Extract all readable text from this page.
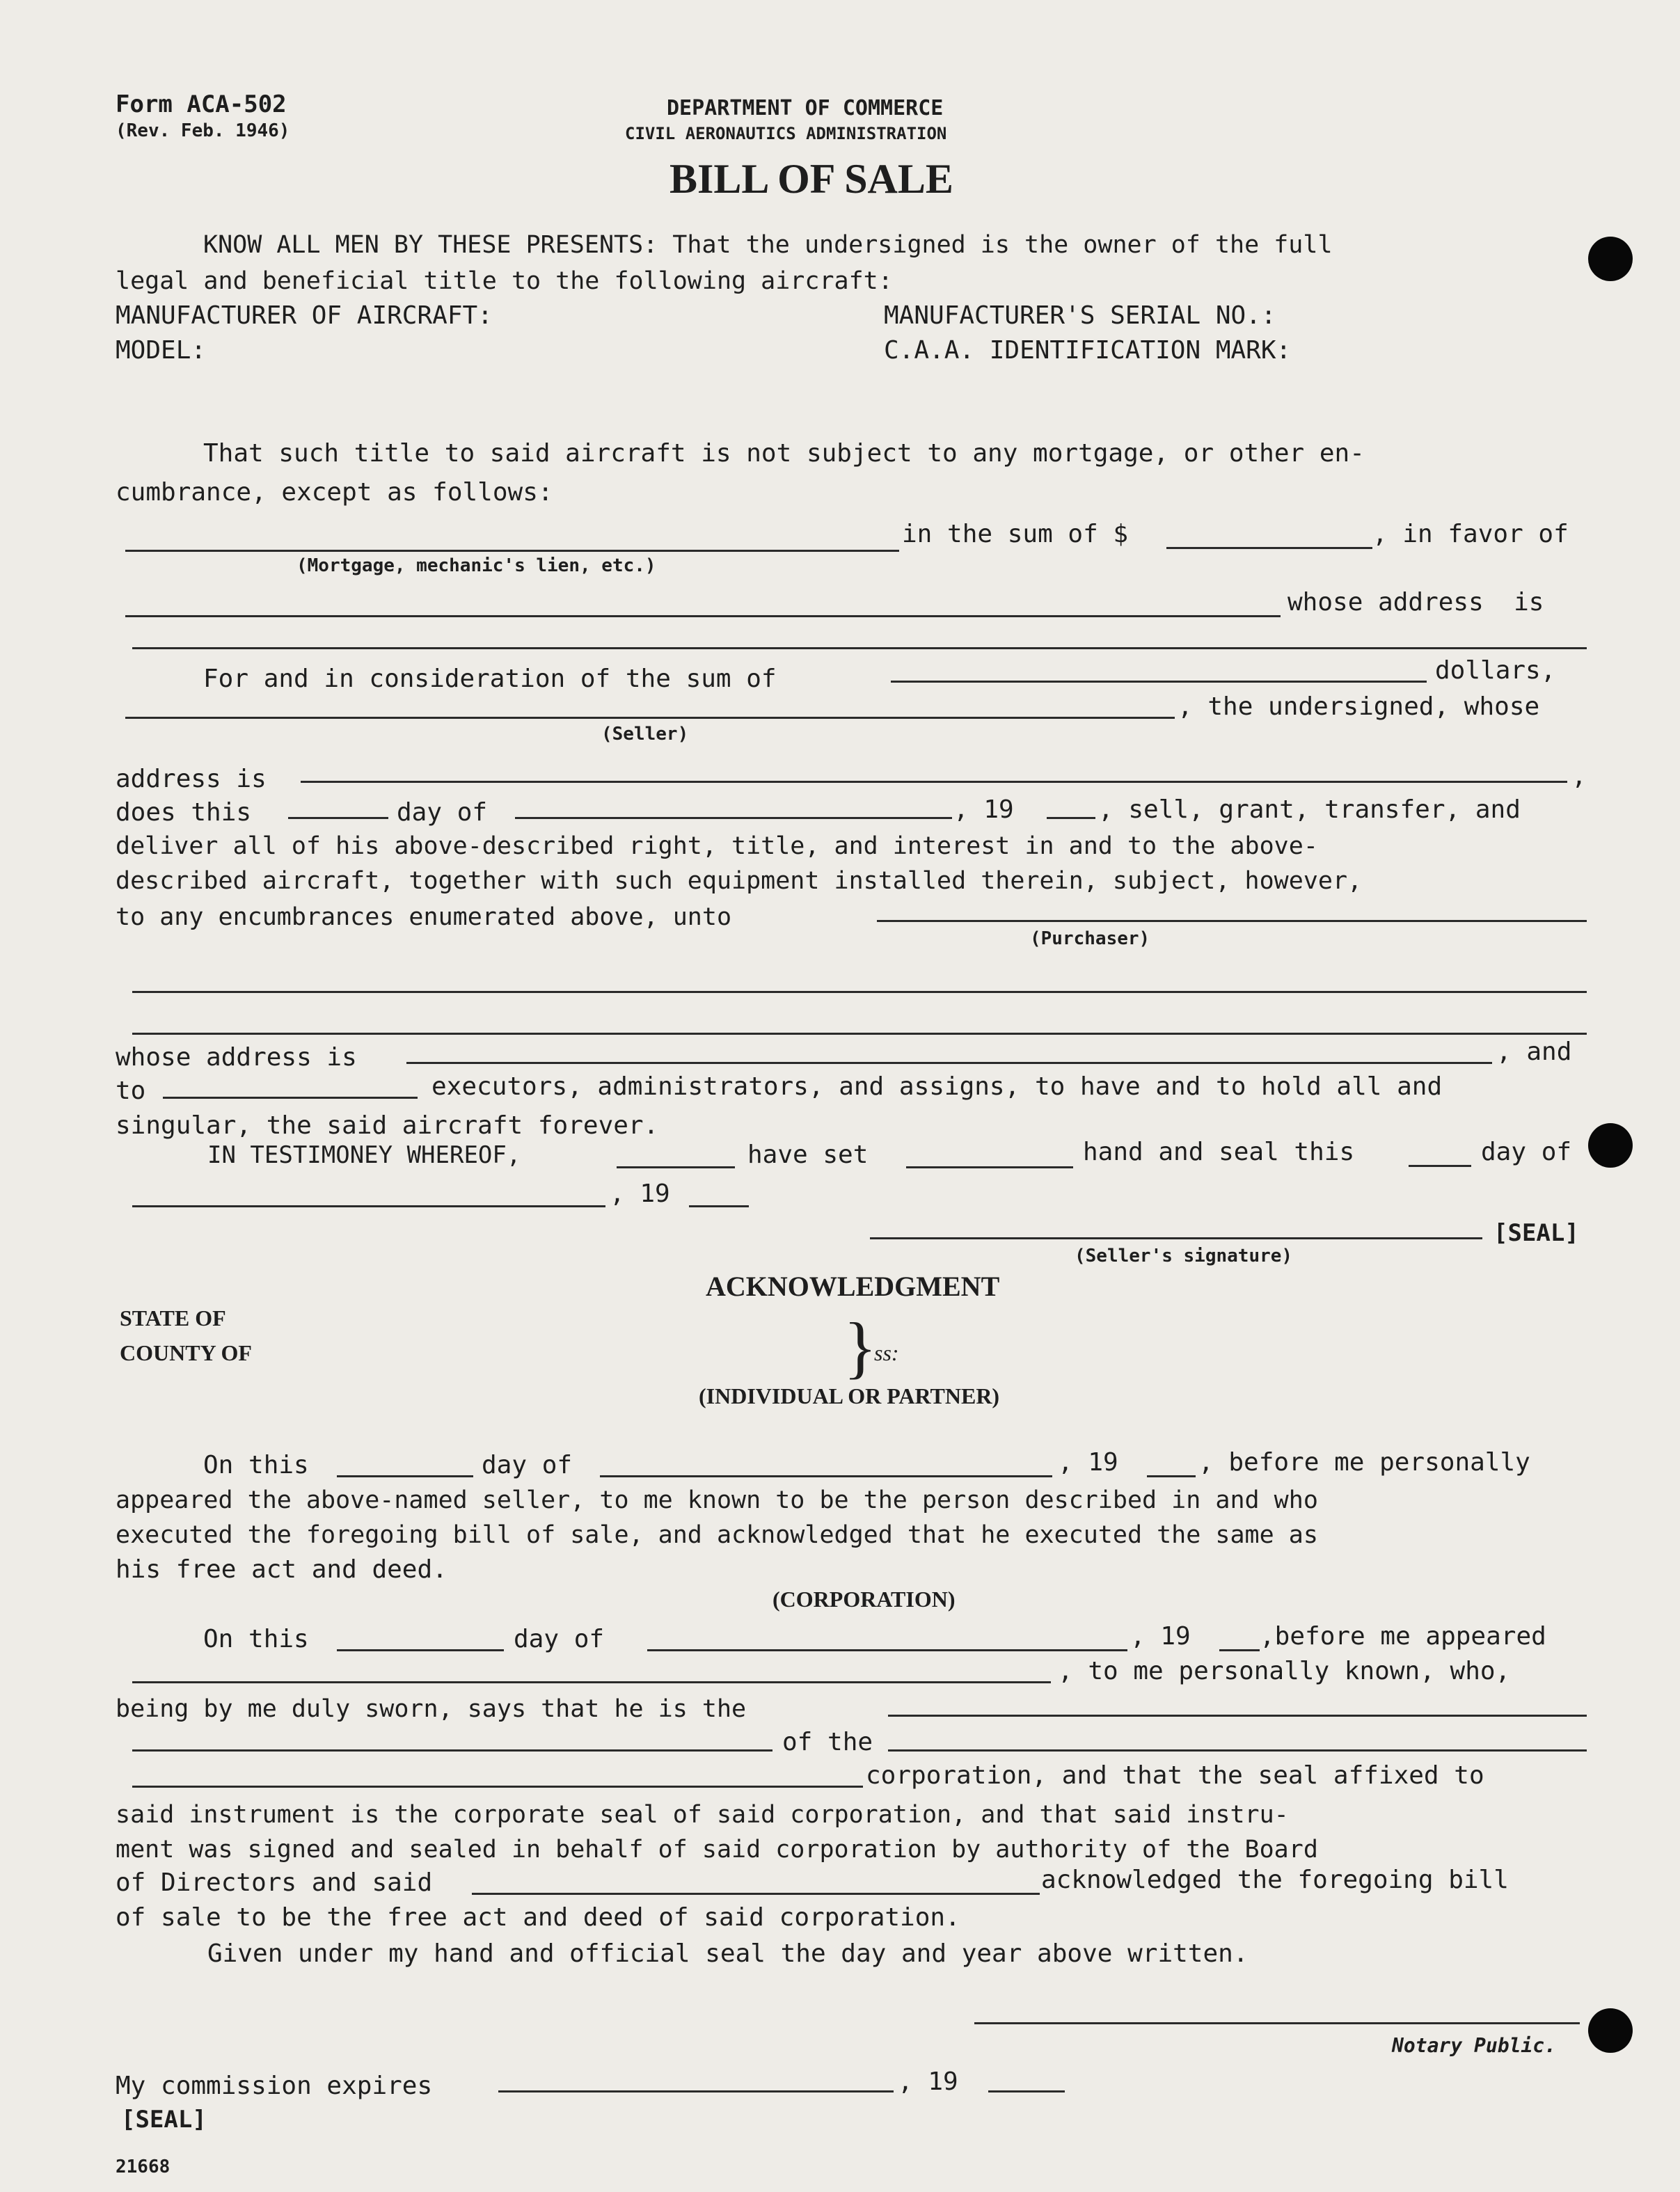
Form ACA-502
(Rev. Feb. 1946)
DEPARTMENT OF COMMERCE
CIVIL AERONAUTICS ADMINISTRATION
BILL OF SALE
KNOW ALL MEN BY THESE PRESENTS: That the undersigned is the owner of the full
legal and beneficial title to the following aircraft:
MANUFACTURER OF AIRCRAFT:	MANUFACTURER'S SERIAL NO.:
MODEL:	C.A.A. IDENTIFICATION MARK:
That such title to said aircraft is not subject to any mortgage, or other en-
cumbrance, except as follows:
in the sum of $	, in favor of
(Mortgage, mechanic's lien, etc.)
whose address  is
For and in consideration of the sum of	dollars,
, the undersigned, whose
(Seller)
address is	,
does this	day of	, 19	, sell, grant, transfer, and
deliver all of his above-described right, title, and interest in and to the above-
described aircraft, together with such equipment installed therein, subject, however,
to any encumbrances enumerated above, unto
(Purchaser)
whose address is	, and
to	executors, administrators, and assigns, to have and to hold all and
singular, the said aircraft forever.
IN TESTIMONEY WHEREOF,	have set	hand and seal this	day of
, 19
[SEAL]
(Seller's signature)
ACKNOWLEDGMENT
STATE OF
COUNTY OF	}
ss:
(INDIVIDUAL OR PARTNER)
On this	day of	, 19	, before me personally
appeared the above-named seller, to me known to be the person described in and who
executed the foregoing bill of sale, and acknowledged that he executed the same as
his free act and deed.
(CORPORATION)
On this	day of	, 19	,before me appeared
, to me personally known, who,
being by me duly sworn, says that he is the
of the
corporation, and that the seal affixed to
said instrument is the corporate seal of said corporation, and that said instru-
ment was signed and sealed in behalf of said corporation by authority of the Board
of Directors and said	acknowledged the foregoing bill
of sale to be the free act and deed of said corporation.
Given under my hand and official seal the day and year above written.
Notary Public.
My commission expires	, 19
[SEAL]
21668
